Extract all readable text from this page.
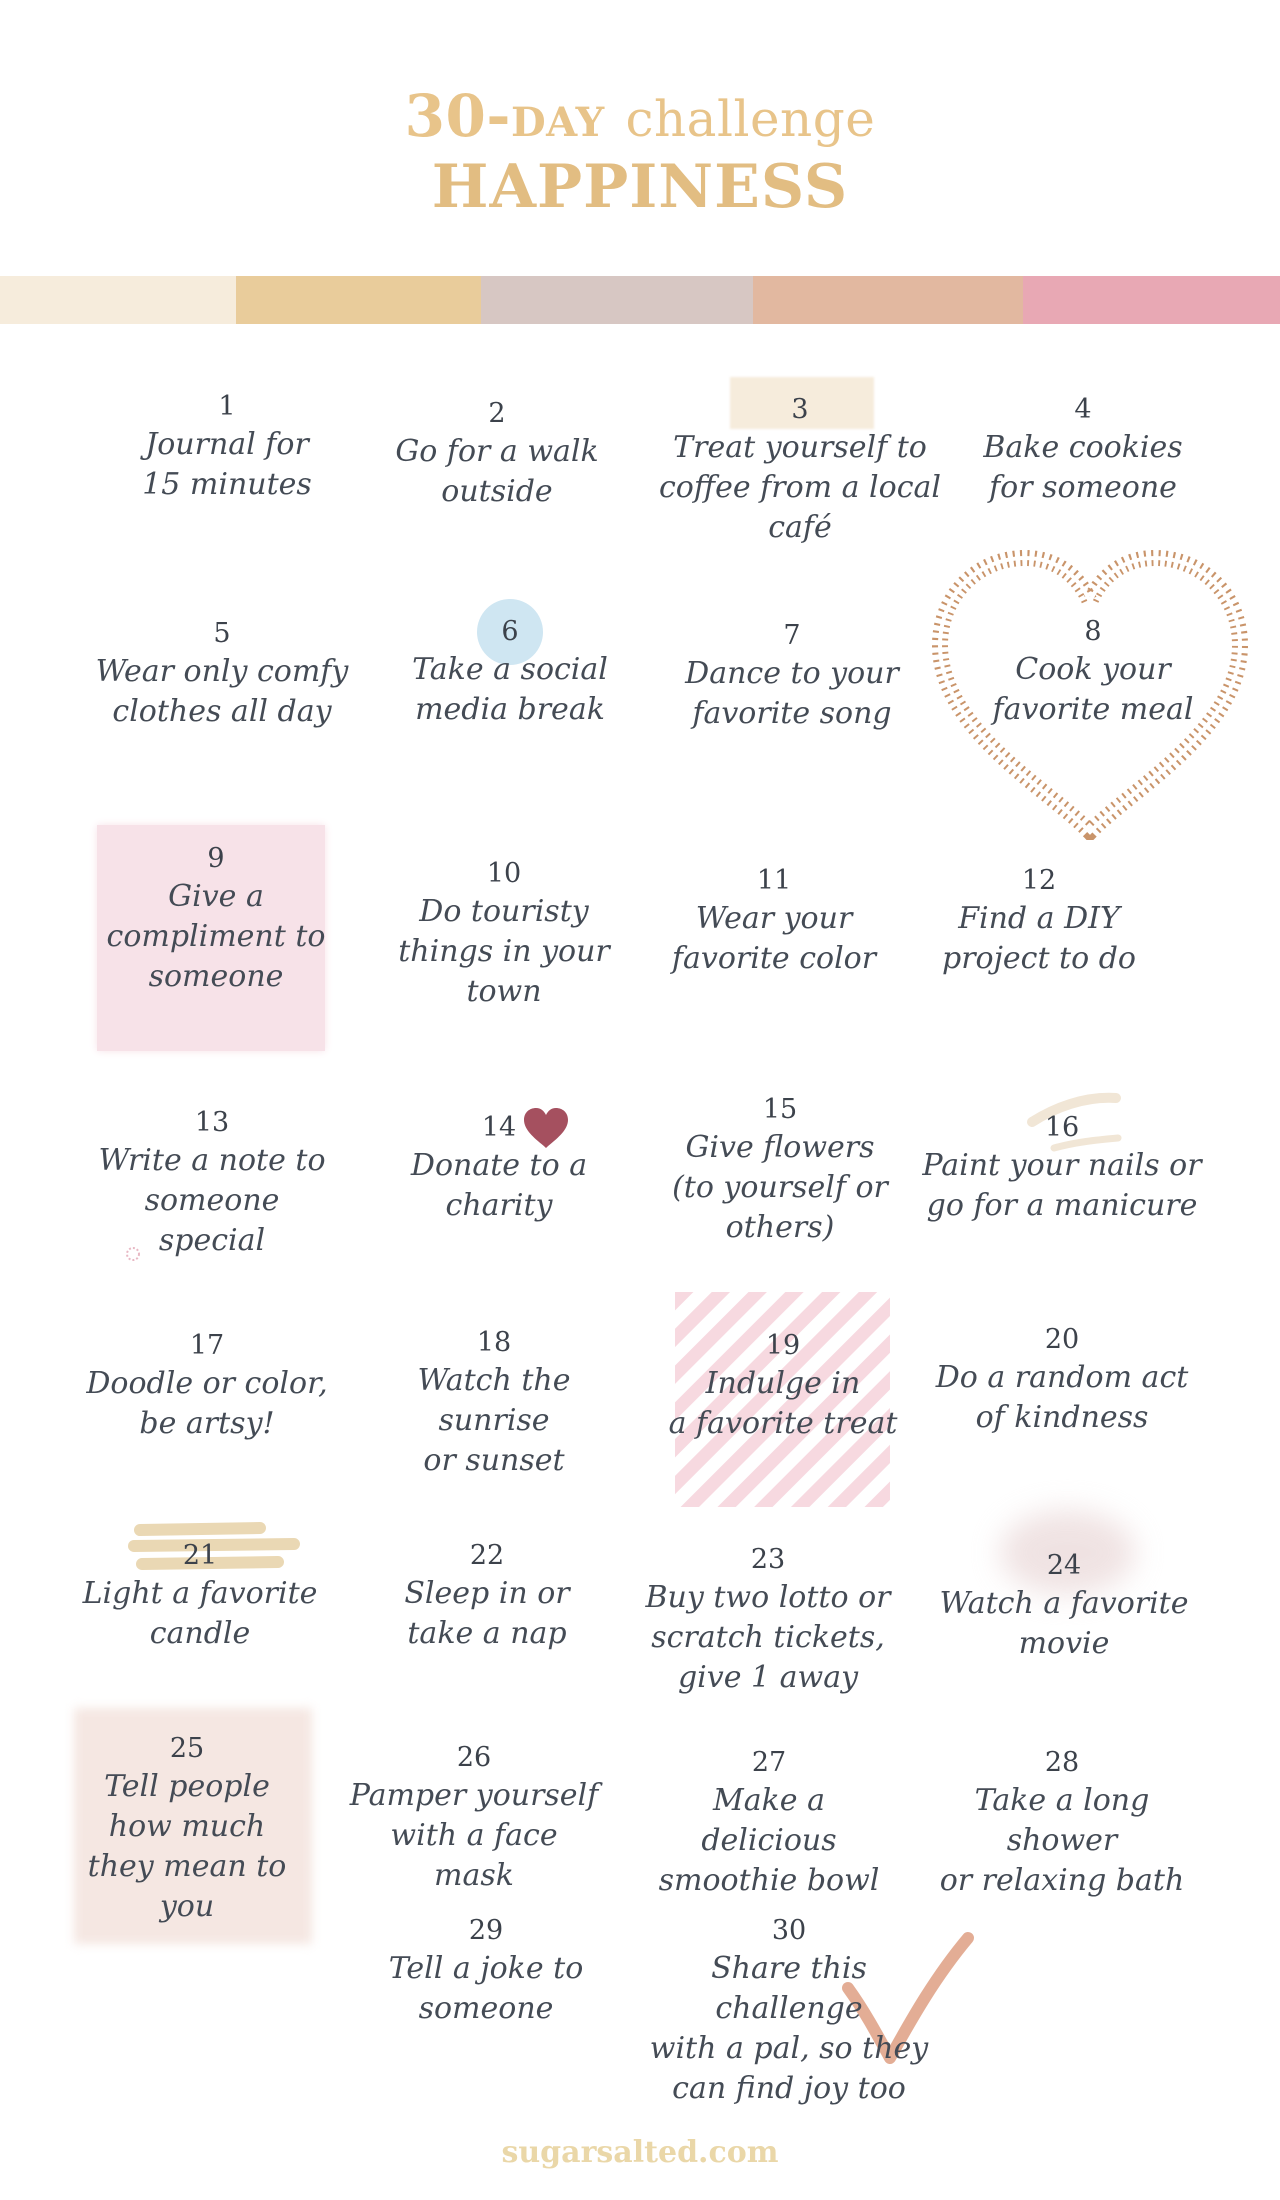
30-DAY challenge
HAPPINESS
1
Journal for
15 minutes
2
Go for a walk
outside
3
Treat yourself to
coffee from a local
café
4
Bake cookies
for someone
5
Wear only comfy
clothes all day
6
Take a social
media break
7
Dance to your
favorite song
8
Cook your
favorite meal
9
Give a
compliment to
someone
10
Do touristy
things in your
town
11
Wear your
favorite color
12
Find a DIY
project to do
13
Write a note to
someone special
14
Donate to a
charity
15
Give flowers
(to yourself or
others)
16
Paint your nails or
go for a manicure
17
Doodle or color,
be artsy!
18
Watch the sunrise
or sunset
19
Indulge in
a favorite treat
20
Do a random act
of kindness
21
Light a favorite
candle
22
Sleep in or
take a nap
23
Buy two lotto or
scratch tickets,
give 1 away
24
Watch a favorite
movie
25
Tell people
how much
they mean to you
26
Pamper yourself
with a face mask
27
Make a delicious
smoothie bowl
28
Take a long shower
or relaxing bath
29
Tell a joke to
someone
30
Share this challenge
with a pal, so they
can find joy too
sugarsalted.com
